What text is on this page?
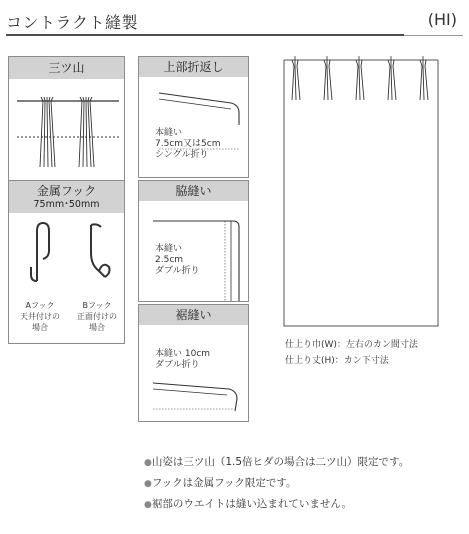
コントラクト縫製	(HI)
三ツ山
金属フック
75mm･50mm
Aフック
天井付けの
場合
Bフック
正面付けの
場合
上部折返し
本縫い
7.5cm又は5cm
シングル折り
脇縫い
本縫い
2.5cm
ダブル折り
裾縫い
本縫い 10cm
ダブル折り
仕上り巾(W)：左右のカン間寸法
仕上り丈(H)：カン下寸法
●山姿は三ツ山（1.5倍ヒダの場合は二ツ山）限定です。
●フックは金属フック限定です。
●裾部のウエイトは縫い込まれていません。
